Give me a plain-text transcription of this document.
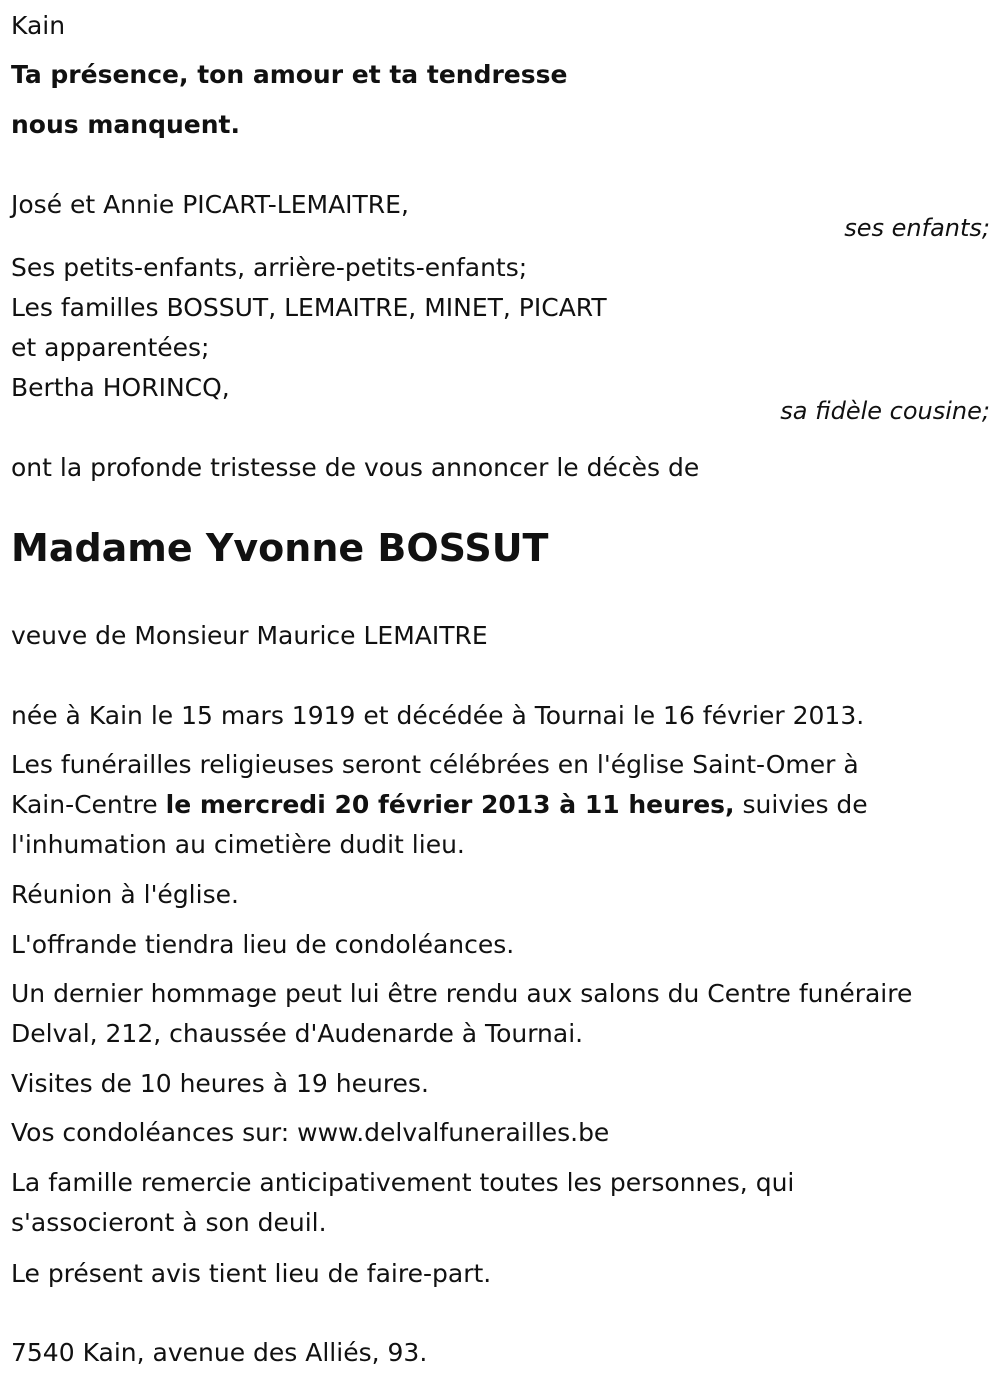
Kain
Ta présence, ton amour et ta tendresse
nous manquent.
José et Annie PICART-LEMAITRE,
ses enfants;
Ses petits-enfants, arrière-petits-enfants;
Les familles BOSSUT, LEMAITRE, MINET, PICART
et apparentées;
Bertha HORINCQ,
sa fidèle cousine;
ont la profonde tristesse de vous annoncer le décès de
Madame Yvonne BOSSUT
veuve de Monsieur Maurice LEMAITRE
née à Kain le 15 mars 1919 et décédée à Tournai le 16 février 2013.
Les funérailles religieuses seront célébrées en l'église Saint-Omer à
Kain-Centre le mercredi 20 février 2013 à 11 heures, suivies de
l'inhumation au cimetière dudit lieu.
Réunion à l'église.
L'offrande tiendra lieu de condoléances.
Un dernier hommage peut lui être rendu aux salons du Centre funéraire
Delval, 212, chaussée d'Audenarde à Tournai.
Visites de 10 heures à 19 heures.
Vos condoléances sur: www.delvalfunerailles.be
La famille remercie anticipativement toutes les personnes, qui
s'associeront à son deuil.
Le présent avis tient lieu de faire-part.
7540 Kain, avenue des Alliés, 93.
